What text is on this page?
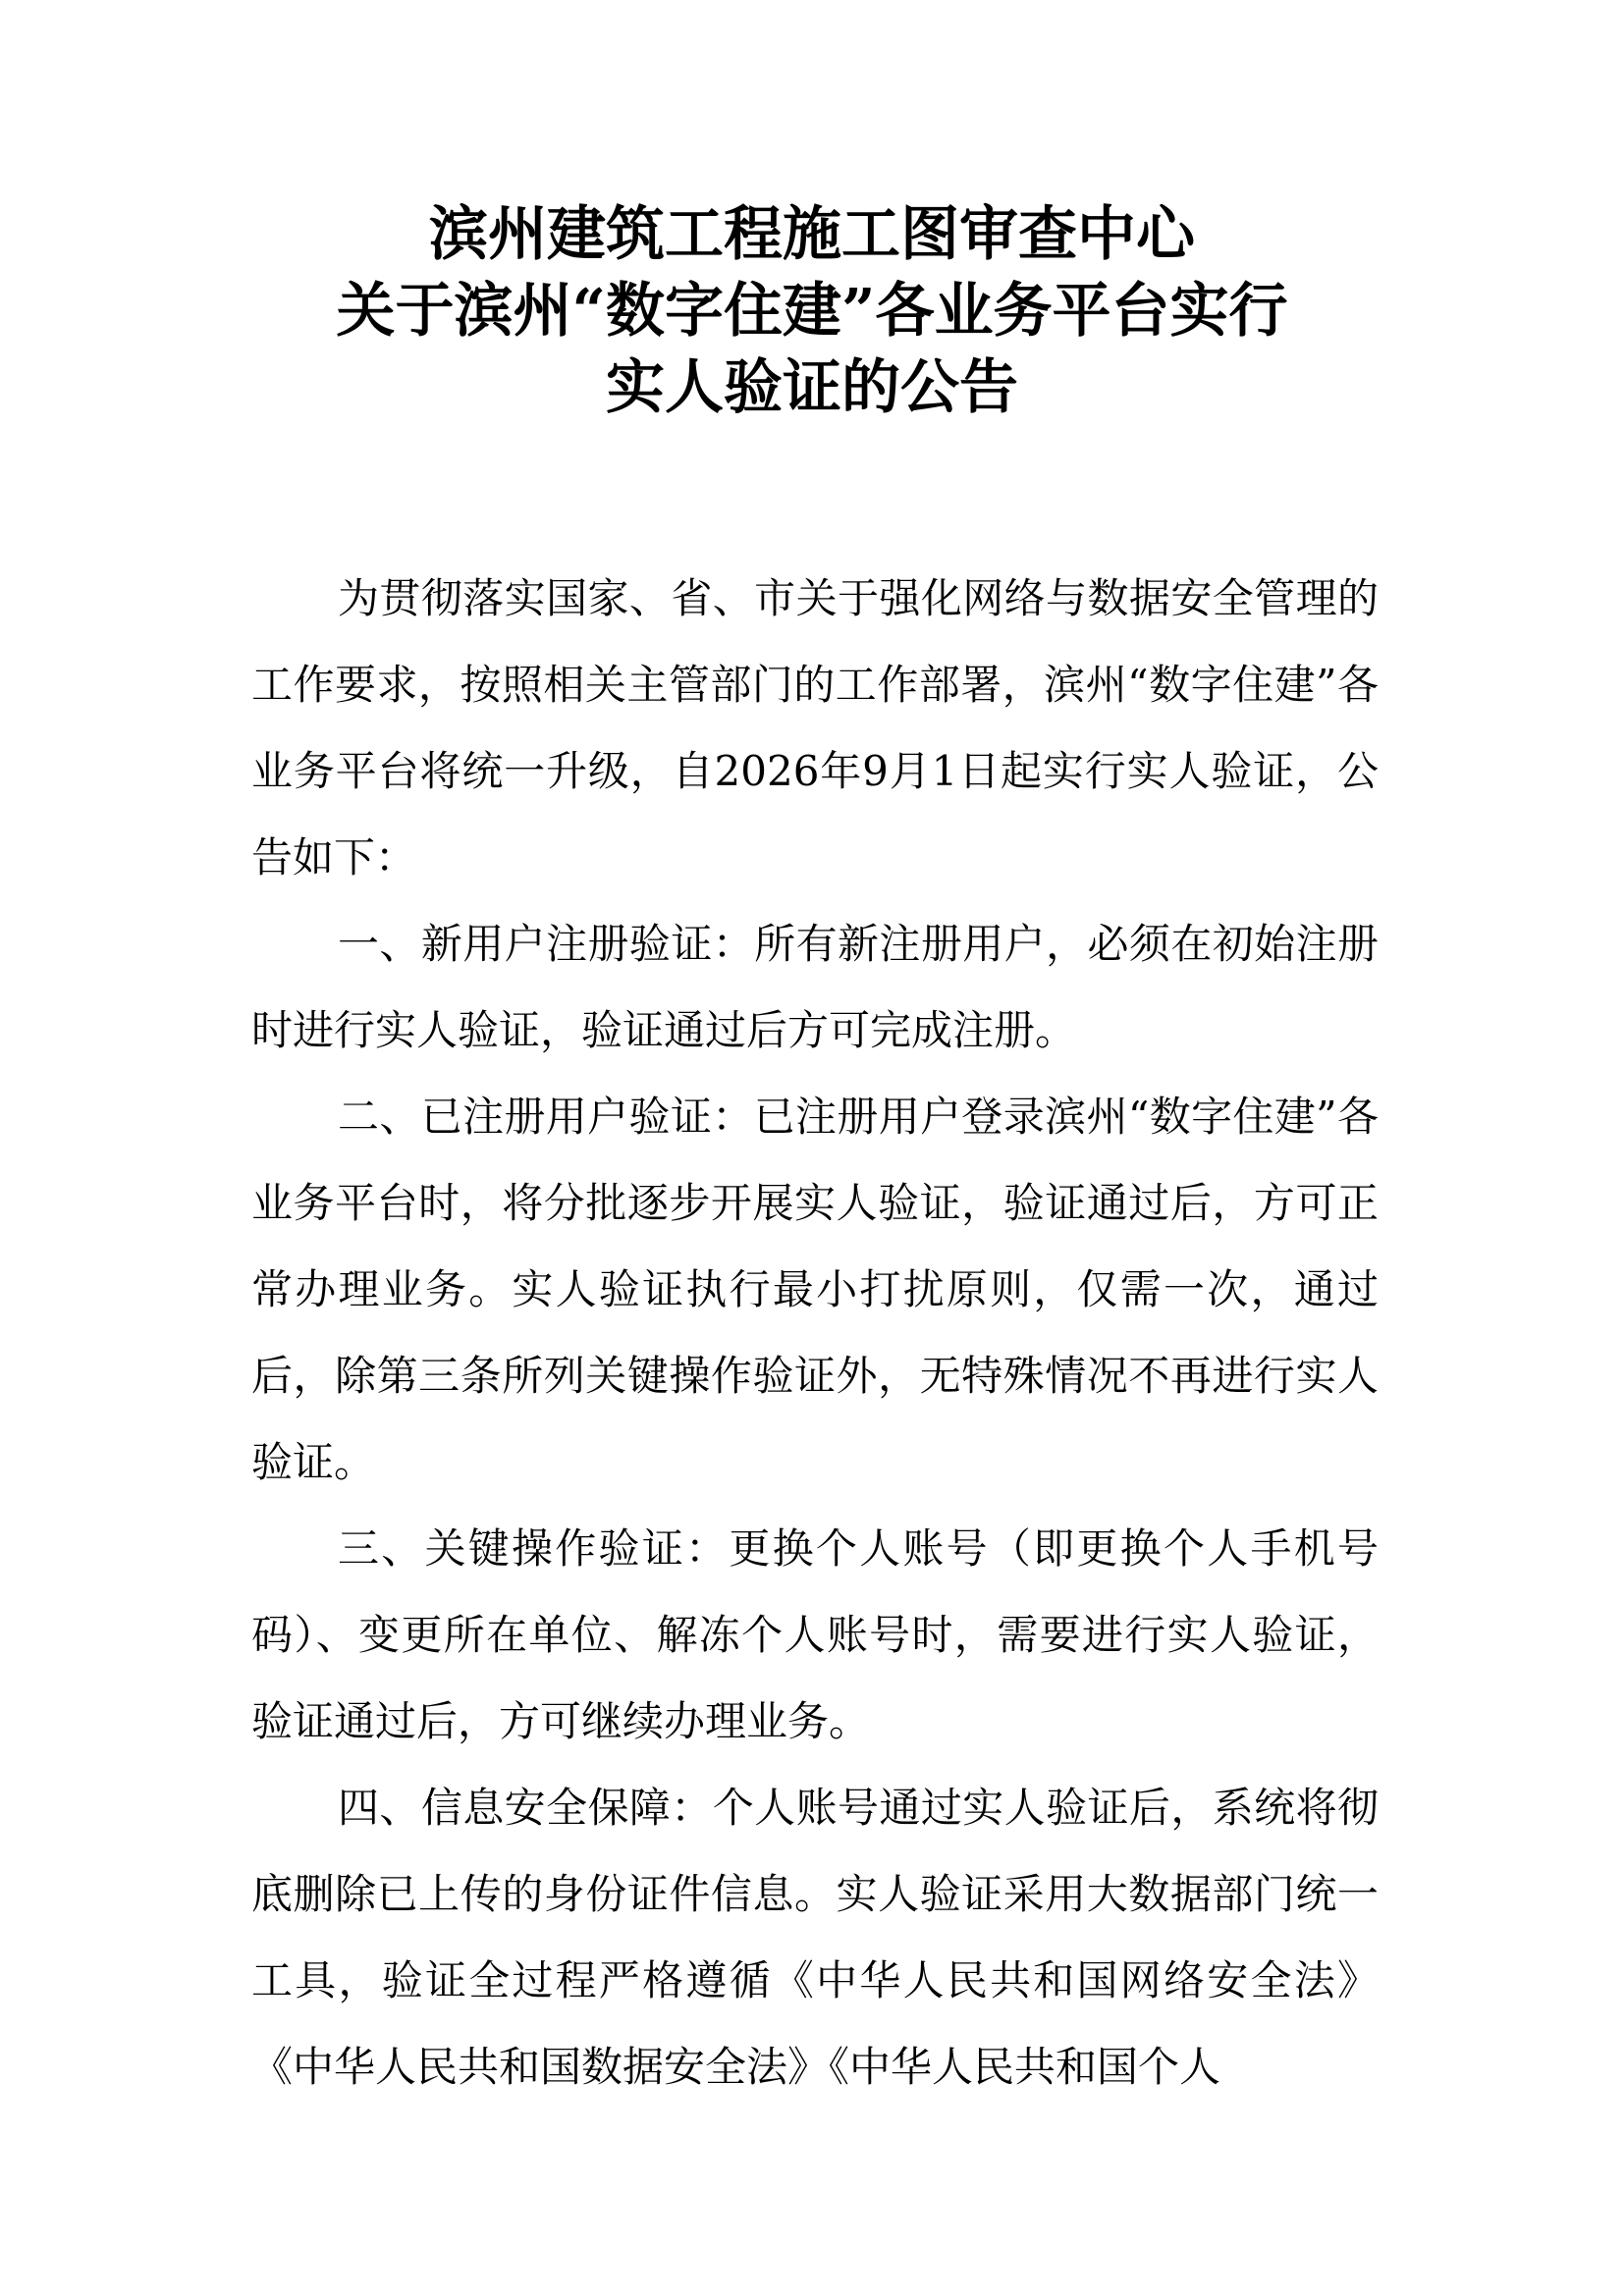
滨州建筑工程施工图审查中心
关于滨州“数字住建”各业务平台实行
实人验证的公告

为贯彻落实国家、省、市关于强化网络与数据安全管理的工作要求，按照相关主管部门的工作部署，滨州“数字住建”各业务平台将统一升级，自2026年9月1日起实行实人验证，公告如下：

一、新用户注册验证：所有新注册用户，必须在初始注册时进行实人验证，验证通过后方可完成注册。

二、已注册用户验证：已注册用户登录滨州“数字住建”各业务平台时，将分批逐步开展实人验证，验证通过后，方可正常办理业务。实人验证执行最小打扰原则，仅需一次，通过后，除第三条所列关键操作验证外，无特殊情况不再进行实人验证。

三、关键操作验证：更换个人账号（即更换个人手机号码）、变更所在单位、解冻个人账号时，需要进行实人验证，验证通过后，方可继续办理业务。

四、信息安全保障：个人账号通过实人验证后，系统将彻底删除已上传的身份证件信息。实人验证采用大数据部门统一工具，验证全过程严格遵循《中华人民共和国网络安全法》《中华人民共和国数据安全法》《中华人民共和国个人
